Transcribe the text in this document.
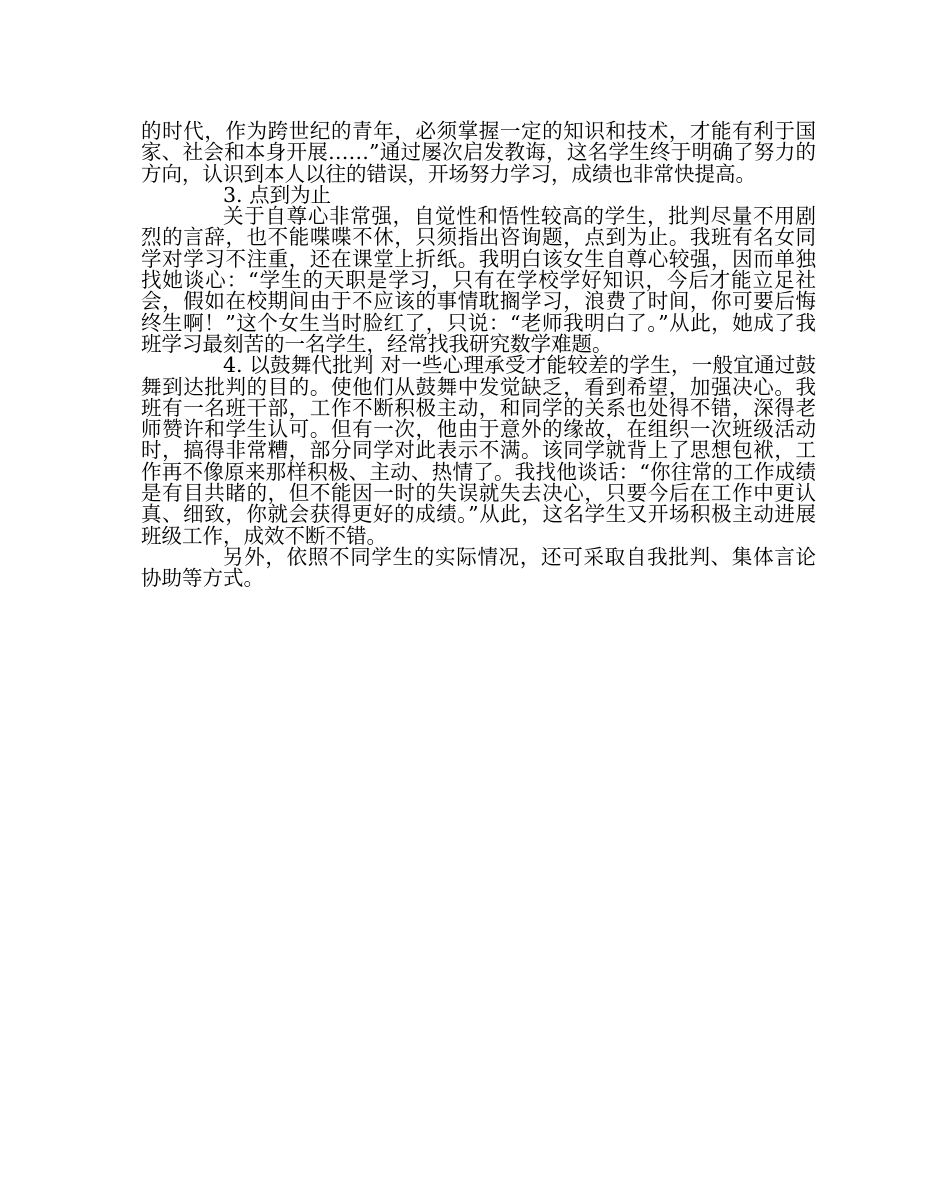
的时代，作为跨世纪的青年，必须掌握一定的知识和技术，才能有利于国家、社会和本身开展……”通过屡次启发教诲，这名学生终于明确了努力的方向，认识到本人以往的错误，开场努力学习，成绩也非常快提高。

3. 点到为止

关于自尊心非常强，自觉性和悟性较高的学生，批判尽量不用剧烈的言辞，也不能喋喋不休，只须指出咨询题，点到为止。我班有名女同学对学习不注重，还在课堂上折纸。我明白该女生自尊心较强，因而单独找她谈心：“学生的天职是学习，只有在学校学好知识，今后才能立足社会，假如在校期间由于不应该的事情耽搁学习，浪费了时间，你可要后悔终生啊！”这个女生当时脸红了，只说：“老师我明白了。”从此，她成了我班学习最刻苦的一名学生，经常找我研究数学难题。

4. 以鼓舞代批判 对一些心理承受才能较差的学生，一般宜通过鼓舞到达批判的目的。使他们从鼓舞中发觉缺乏，看到希望，加强决心。我班有一名班干部，工作不断积极主动，和同学的关系也处得不错，深得老师赞许和学生认可。但有一次，他由于意外的缘故，在组织一次班级活动时，搞得非常糟，部分同学对此表示不满。该同学就背上了思想包袱，工作再不像原来那样积极、主动、热情了。我找他谈话：“你往常的工作成绩是有目共睹的，但不能因一时的失误就失去决心，只要今后在工作中更认真、细致，你就会获得更好的成绩。”从此，这名学生又开场积极主动进展班级工作，成效不断不错。

另外，依照不同学生的实际情况，还可采取自我批判、集体言论协助等方式。
